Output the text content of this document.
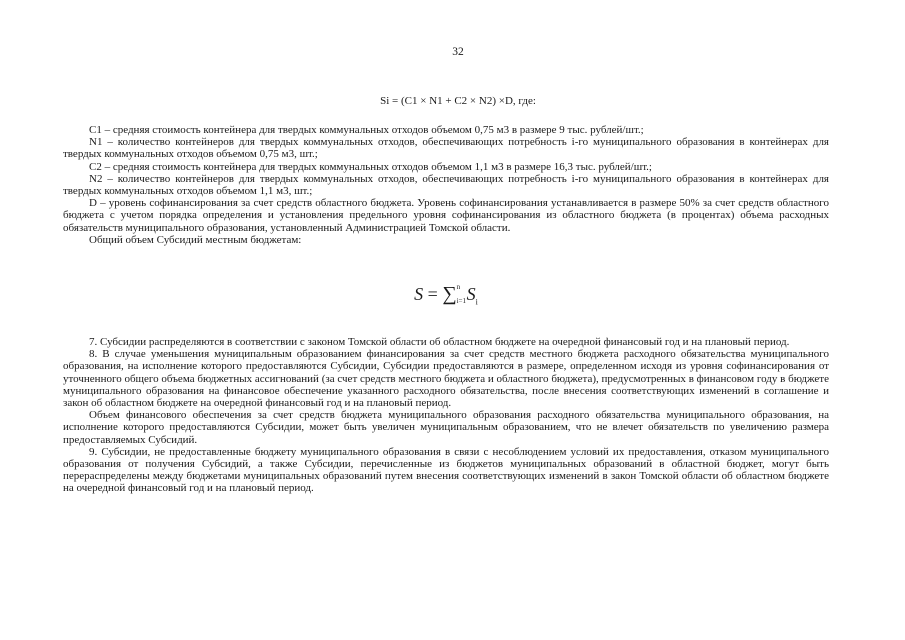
32
Si = (C1 × N1 + C2 × N2) ×D, где:

C1 – средняя стоимость контейнера для твердых коммунальных отходов объемом 0,75 м3 в размере 9 тыс. рублей/шт.;

N1 – количество контейнеров для твердых коммунальных отходов, обеспечивающих потребность i-го муниципального образования в контейнерах для твердых коммунальных отходов объемом 0,75 м3, шт.;

C2 – средняя стоимость контейнера для твердых коммунальных отходов объемом 1,1 м3 в размере 16,3 тыс. рублей/шт.;

N2 – количество контейнеров для твердых коммунальных отходов, обеспечивающих потребность i-го муниципального образования в контейнерах для твердых коммунальных отходов объемом 1,1 м3, шт.;

D – уровень софинансирования за счет средств областного бюджета. Уровень софинансирования устанавливается в размере 50% за счет средств областного бюджета с учетом порядка определения и установления предельного уровня софинансирования из областного бюджета (в процентах) объема расходных обязательств муниципального образования, установленный Администрацией Томской области.

Общий объем Субсидий местным бюджетам:

S = ∑ n
i=1 $S_i$

7. Субсидии распределяются в соответствии с законом Томской области об областном бюджете на очередной финансовый год и на плановый период.

8. В случае уменьшения муниципальным образованием финансирования за счет средств местного бюджета расходного обязательства муниципального образования, на исполнение которого предоставляются Субсидии, Субсидии предоставляются в размере, определенном исходя из уровня софинансирования от уточненного общего объема бюджетных ассигнований (за счет средств местного бюджета и областного бюджета), предусмотренных в финансовом году в бюджете муниципального образования на финансовое обеспечение указанного расходного обязательства, после внесения соответствующих изменений в соглашение и закон об областном бюджете на очередной финансовый год и на плановый период.

Объем финансового обеспечения за счет средств бюджета муниципального образования расходного обязательства муниципального образования, на исполнение которого предоставляются Субсидии, может быть увеличен муниципальным образованием, что не влечет обязательств по увеличению размера предоставляемых Субсидий.

9. Субсидии, не предоставленные бюджету муниципального образования в связи с несоблюдением условий их предоставления, отказом муниципального образования от получения Субсидий, а также Субсидии, перечисленные из бюджетов муниципальных образований в областной бюджет, могут быть перераспределены между бюджетами муниципальных образований путем внесения соответствующих изменений в закон Томской области об областном бюджете на очередной финансовый год и на плановый период.
